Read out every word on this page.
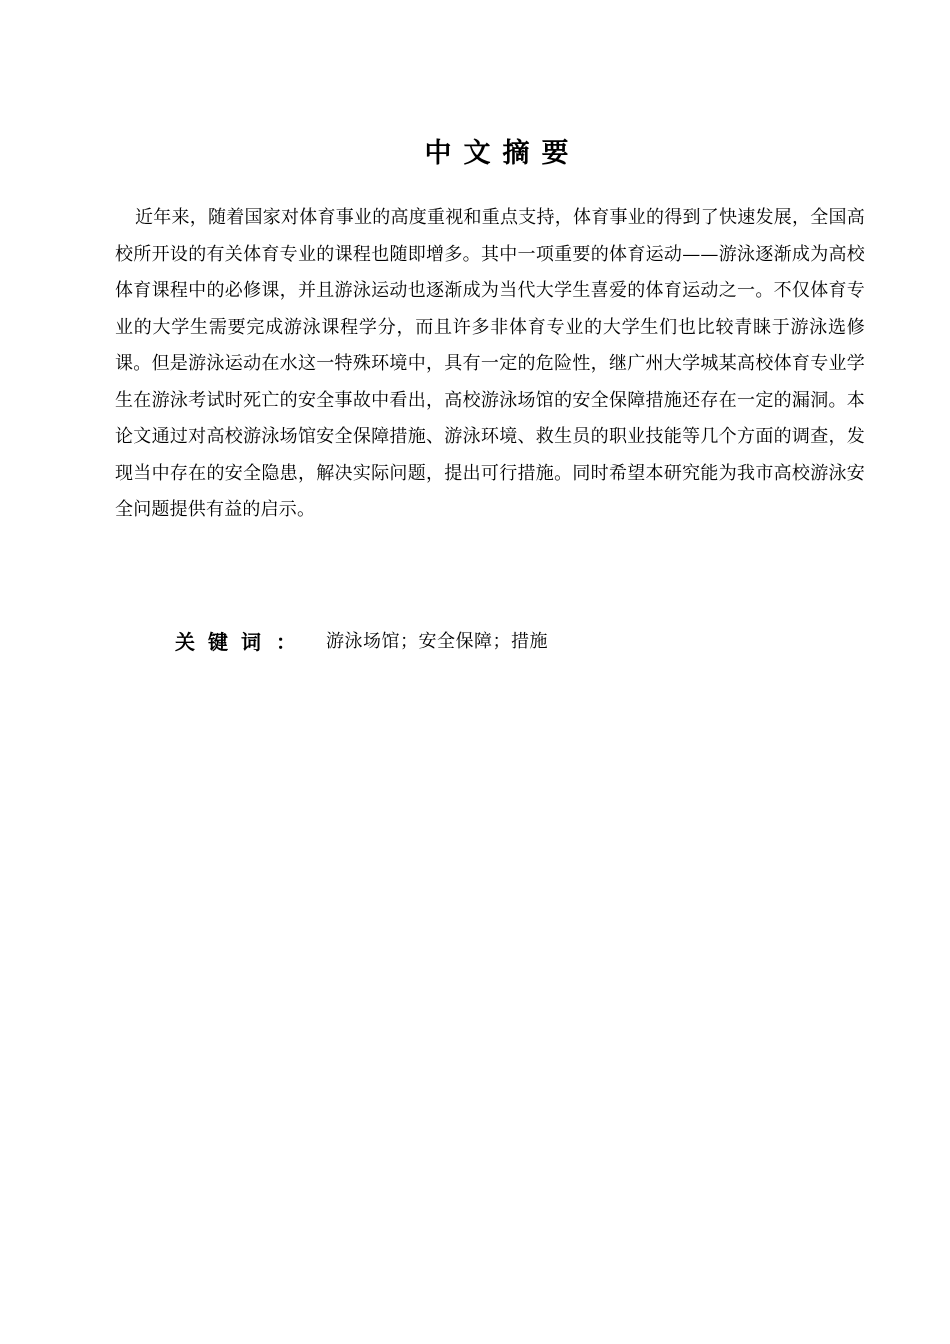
中文摘要

近年来，随着国家对体育事业的高度重视和重点支持，体育事业的得到了快速发展，全国高校所开设的有关体育专业的课程也随即增多。其中一项重要的体育运动——游泳逐渐成为高校体育课程中的必修课，并且游泳运动也逐渐成为当代大学生喜爱的体育运动之一。不仅体育专业的大学生需要完成游泳课程学分，而且许多非体育专业的大学生们也比较青睐于游泳选修课。但是游泳运动在水这一特殊环境中，具有一定的危险性，继广州大学城某高校体育专业学生在游泳考试时死亡的安全事故中看出，高校游泳场馆的安全保障措施还存在一定的漏洞。本论文通过对高校游泳场馆安全保障措施、游泳环境、救生员的职业技能等几个方面的调查，发现当中存在的安全隐患，解决实际问题，提出可行措施。同时希望本研究能为我市高校游泳安全问题提供有益的启示。

关键词 ： 游泳场馆；安全保障；措施
